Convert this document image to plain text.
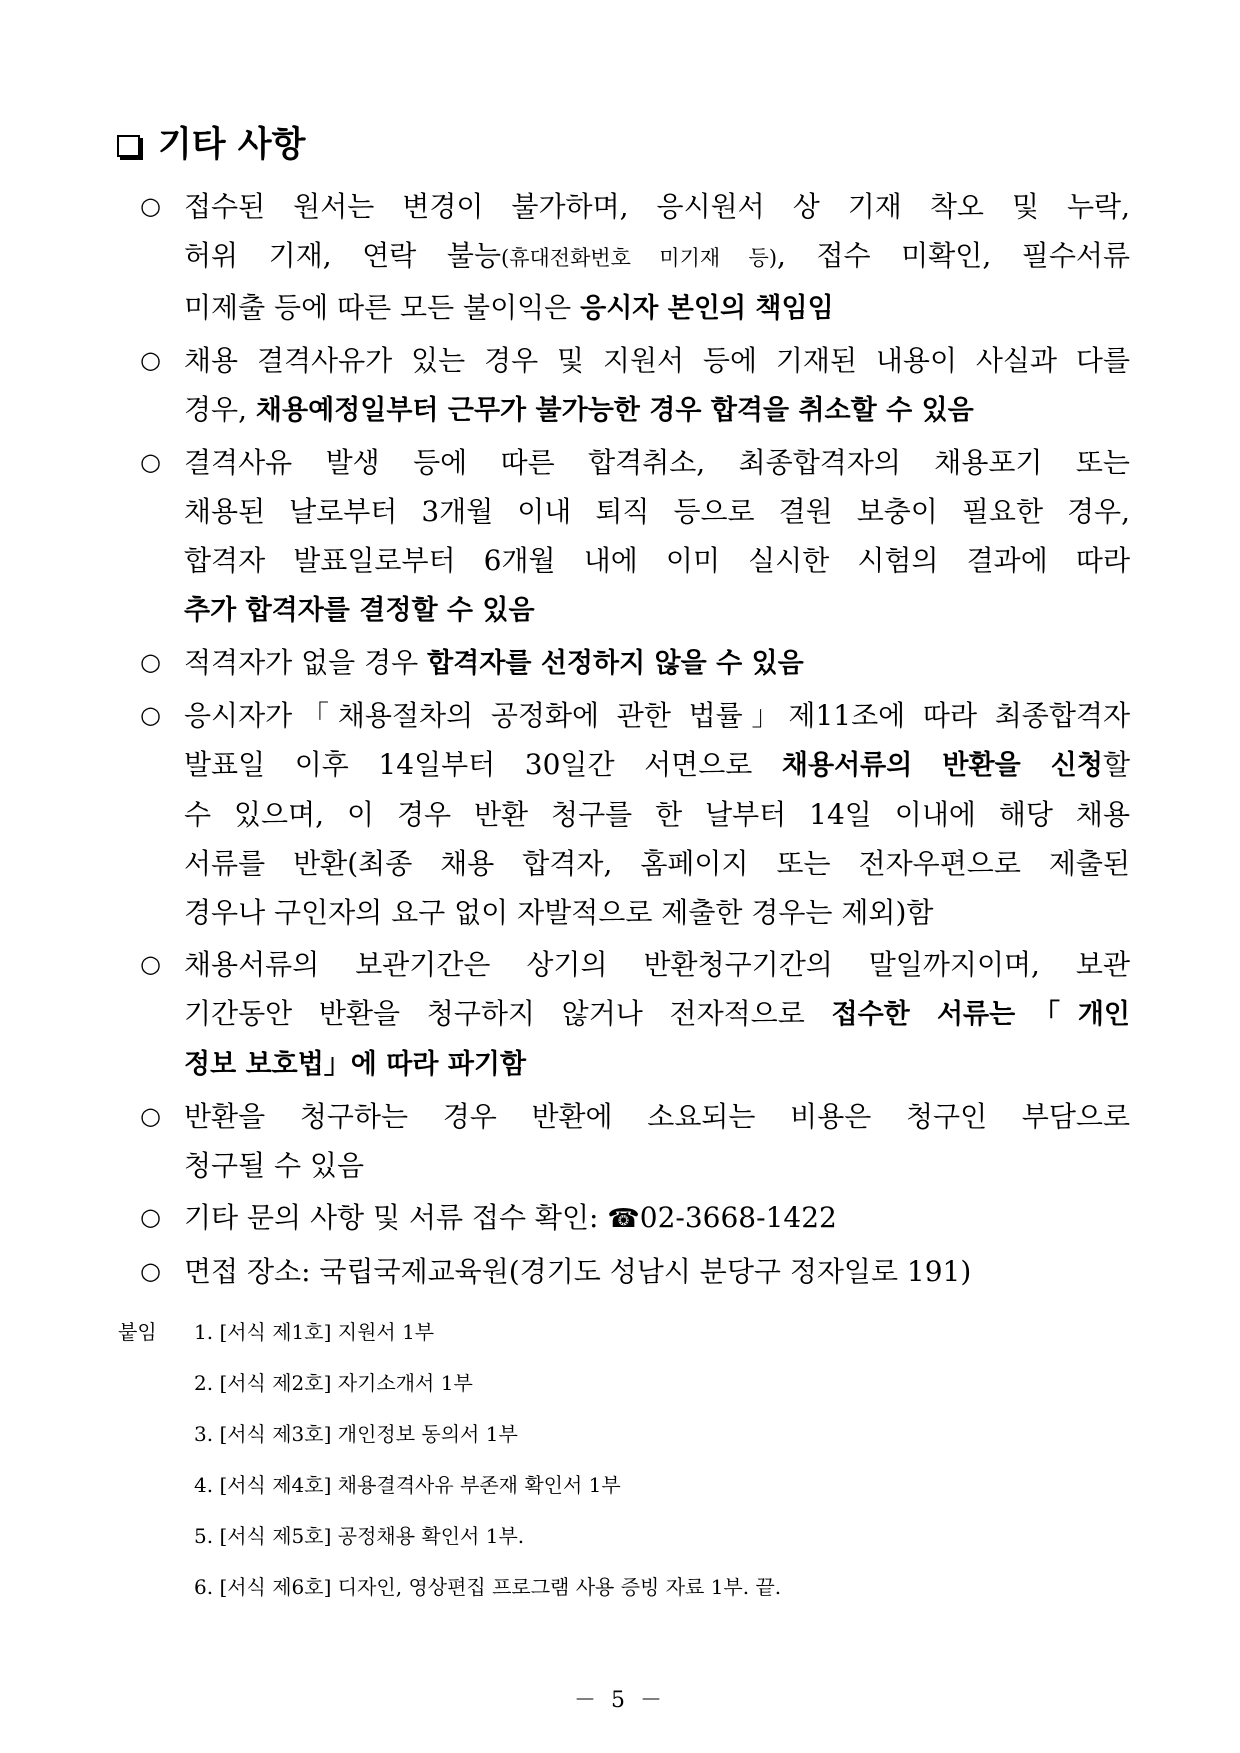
기타 사항
○ 접수된 원서는 변경이 불가하며, 응시원서 상 기재 착오 및 누락,
허위 기재, 연락 불능(휴대전화번호 미기재 등), 접수 미확인, 필수서류
미제출 등에 따른 모든 불이익은 응시자 본인의 책임임
○ 채용 결격사유가 있는 경우 및 지원서 등에 기재된 내용이 사실과 다를
경우, 채용예정일부터 근무가 불가능한 경우 합격을 취소할 수 있음
○ 결격사유 발생 등에 따른 합격취소, 최종합격자의 채용포기 또는
채용된 날로부터 3개월 이내 퇴직 등으로 결원 보충이 필요한 경우,
합격자 발표일로부터 6개월 내에 이미 실시한 시험의 결과에 따라
추가 합격자를 결정할 수 있음
○ 적격자가 없을 경우 합격자를 선정하지 않을 수 있음
○ 응시자가「채용절차의 공정화에 관한 법률」제11조에 따라 최종합격자
발표일 이후 14일부터 30일간 서면으로 채용서류의 반환을 신청할
수 있으며, 이 경우 반환 청구를 한 날부터 14일 이내에 해당 채용
서류를 반환(최종 채용 합격자, 홈페이지 또는 전자우편으로 제출된
경우나 구인자의 요구 없이 자발적으로 제출한 경우는 제외)함
○ 채용서류의 보관기간은 상기의 반환청구기간의 말일까지이며, 보관
기간동안 반환을 청구하지 않거나 전자적으로 접수한 서류는「개인
정보 보호법」에 따라 파기함
○ 반환을 청구하는 경우 반환에 소요되는 비용은 청구인 부담으로
청구될 수 있음
○ 기타 문의 사항 및 서류 접수 확인: ☎02-3668-1422
○ 면접 장소: 국립국제교육원(경기도 성남시 분당구 정자일로 191)
붙임	1. [서식 제1호] 지원서 1부
2. [서식 제2호] 자기소개서 1부
3. [서식 제3호] 개인정보 동의서 1부
4. [서식 제4호] 채용결격사유 부존재 확인서 1부
5. [서식 제5호] 공정채용 확인서 1부.
6. [서식 제6호] 디자인, 영상편집 프로그램 사용 증빙 자료 1부. 끝.
－ 5 －
